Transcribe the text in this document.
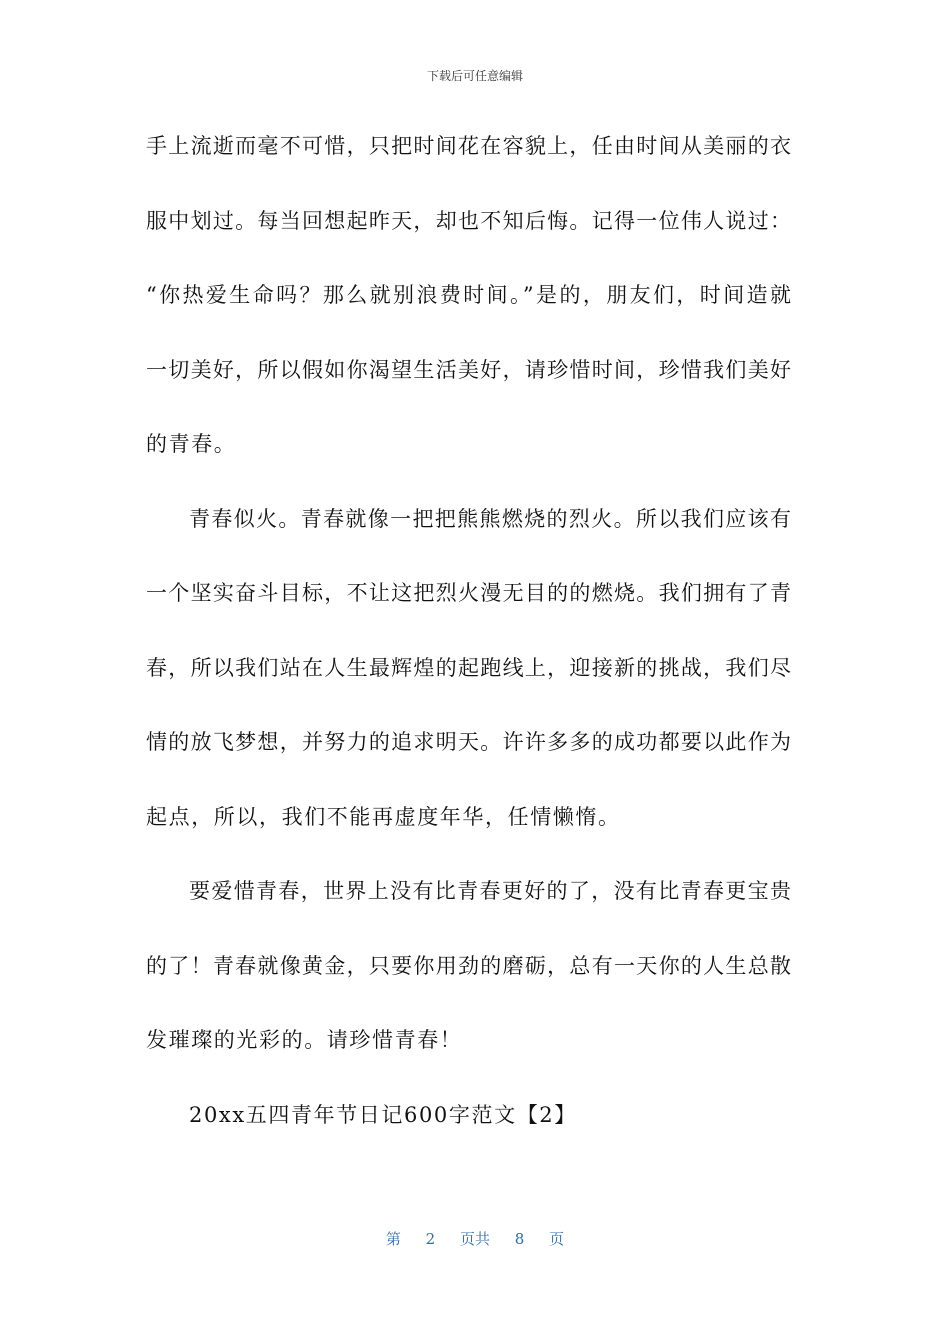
下载后可任意编辑
手上流逝而毫不可惜，只把时间花在容貌上，任由时间从美丽的衣
服中划过。每当回想起昨天，却也不知后悔。记得一位伟人说过：
“你热爱生命吗？那么就别浪费时间。”是的，朋友们，时间造就
一切美好，所以假如你渴望生活美好，请珍惜时间，珍惜我们美好
的青春。
青春似火。青春就像一把把熊熊燃烧的烈火。所以我们应该有
一个坚实奋斗目标，不让这把烈火漫无目的的燃烧。我们拥有了青
春，所以我们站在人生最辉煌的起跑线上，迎接新的挑战，我们尽
情的放飞梦想，并努力的追求明天。许许多多的成功都要以此作为
起点，所以，我们不能再虚度年华，任情懒惰。
要爱惜青春，世界上没有比青春更好的了，没有比青春更宝贵
的了！青春就像黄金，只要你用劲的磨砺，总有一天你的人生总散
发璀璨的光彩的。请珍惜青春！
20xx五四青年节日记600字范文【2】
第 2 页共 8 页
